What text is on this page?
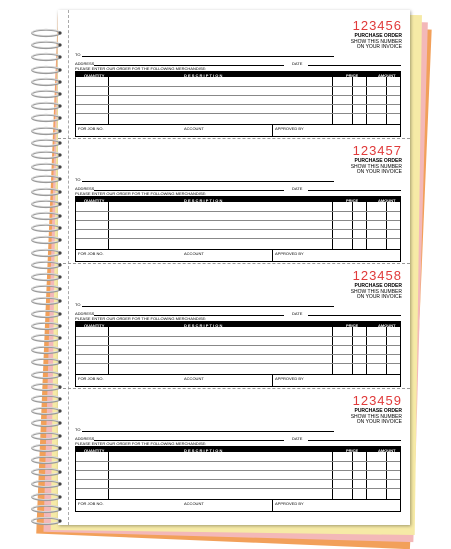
123456
PURCHASE ORDER
SHOW THIS NUMBER
ON YOUR INVOICE
TO
ADDRESS	DATE
PLEASE ENTER OUR ORDER FOR THE FOLLOWING MERCHANDISE:
QUANTITY	D E S C R I P T I O N	PRICE	AMOUNT
FOR JOB NO.	ACCOUNT	APPROVED BY
123457
PURCHASE ORDER
SHOW THIS NUMBER
ON YOUR INVOICE
TO
ADDRESS	DATE
PLEASE ENTER OUR ORDER FOR THE FOLLOWING MERCHANDISE:
QUANTITY	D E S C R I P T I O N	PRICE	AMOUNT
FOR JOB NO.	ACCOUNT	APPROVED BY
123458
PURCHASE ORDER
SHOW THIS NUMBER
ON YOUR INVOICE
TO
ADDRESS	DATE
PLEASE ENTER OUR ORDER FOR THE FOLLOWING MERCHANDISE:
QUANTITY	D E S C R I P T I O N	PRICE	AMOUNT
FOR JOB NO.	ACCOUNT	APPROVED BY
123459
PURCHASE ORDER
SHOW THIS NUMBER
ON YOUR INVOICE
TO
ADDRESS	DATE
PLEASE ENTER OUR ORDER FOR THE FOLLOWING MERCHANDISE:
QUANTITY	D E S C R I P T I O N	PRICE	AMOUNT
FOR JOB NO.	ACCOUNT	APPROVED BY
